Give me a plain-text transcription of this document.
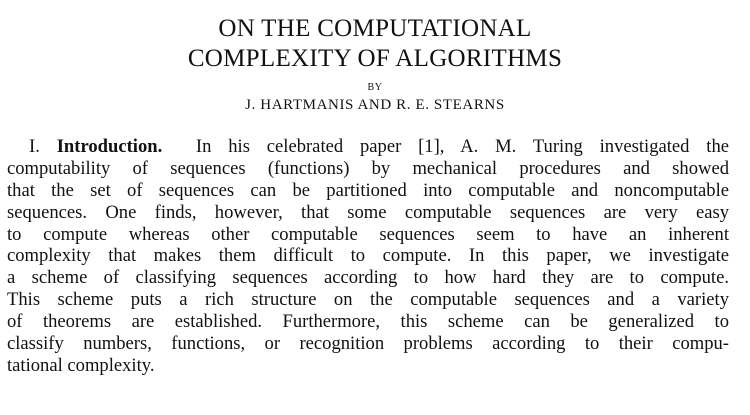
ON THE COMPUTATIONAL
COMPLEXITY OF ALGORITHMS
BY
J. HARTMANIS AND R. E. STEARNS
I. Introduction. In his celebrated paper [1], A. M. Turing investigated the
computability of sequences (functions) by mechanical procedures and showed
that the set of sequences can be partitioned into computable and noncomputable
sequences. One finds, however, that some computable sequences are very easy
to compute whereas other computable sequences seem to have an inherent
complexity that makes them difficult to compute. In this paper, we investigate
a scheme of classifying sequences according to how hard they are to compute.
This scheme puts a rich structure on the computable sequences and a variety
of theorems are established. Furthermore, this scheme can be generalized to
classify numbers, functions, or recognition problems according to their compu-
tational complexity.
